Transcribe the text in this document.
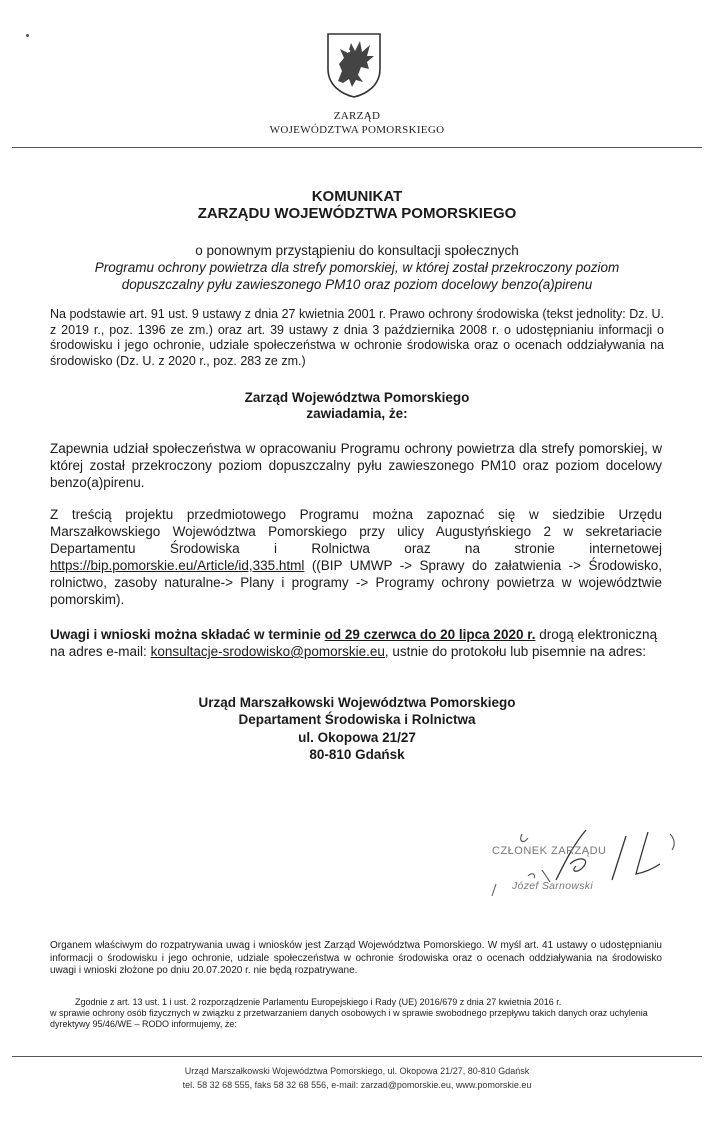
ZARZĄD
WOJEWÓDZTWA POMORSKIEGO
KOMUNIKAT
ZARZĄDU WOJEWÓDZTWA POMORSKIEGO
o ponownym przystąpieniu do konsultacji społecznych
Programu ochrony powietrza dla strefy pomorskiej, w której został przekroczony poziom
dopuszczalny pyłu zawieszonego PM10 oraz poziom docelowy benzo(a)pirenu
Na podstawie art. 91 ust. 9 ustawy z dnia 27 kwietnia 2001 r. Prawo ochrony środowiska (tekst jednolity: Dz. U. z 2019 r., poz. 1396 ze zm.) oraz art. 39 ustawy z dnia 3 października 2008 r. o udostępnianiu informacji o środowisku i jego ochronie, udziale społeczeństwa w ochronie środowiska oraz o ocenach oddziaływania na środowisko (Dz. U. z 2020 r., poz. 283 ze zm.)
Zarząd Województwa Pomorskiego
zawiadamia, że:
Zapewnia udział społeczeństwa w opracowaniu Programu ochrony powietrza dla strefy pomorskiej, w której został przekroczony poziom dopuszczalny pyłu zawieszonego PM10 oraz poziom docelowy benzo(a)pirenu.
Z treścią projektu przedmiotowego Programu można zapoznać się w siedzibie Urzędu Marszałkowskiego Województwa Pomorskiego przy ulicy Augustyńskiego 2 w sekretariacie Departamentu Środowiska i Rolnictwa oraz na stronie internetowej https://bip.pomorskie.eu/Article/id,335.html ((BIP UMWP -> Sprawy do załatwienia -> Środowisko, rolnictwo, zasoby naturalne-> Plany i programy -> Programy ochrony powietrza w województwie pomorskim).
Uwagi i wnioski można składać w terminie od 29 czerwca do 20 lipca 2020 r. drogą elektroniczną na adres e-mail: konsultacje-srodowisko@pomorskie.eu, ustnie do protokołu lub pisemnie na adres:
Urząd Marszałkowski Województwa Pomorskiego
Departament Środowiska i Rolnictwa
ul. Okopowa 21/27
80-810 Gdańsk
CZŁONEK ZARZĄDU
Józef Sarnowski
Organem właściwym do rozpatrywania uwag i wniosków jest Zarząd Województwa Pomorskiego. W myśl art. 41 ustawy o udostępnianiu informacji o środowisku i jego ochronie, udziale społeczeństwa w ochronie środowiska oraz o ocenach oddziaływania na środowisko uwagi i wnioski złożone po dniu 20.07.2020 r. nie będą rozpatrywane.
Zgodnie z art. 13 ust. 1 i ust. 2 rozporządzenie Parlamentu Europejskiego i Rady (UE) 2016/679 z dnia 27 kwietnia 2016 r.
w sprawie ochrony osób fizycznych w związku z przetwarzaniem danych osobowych i w sprawie swobodnego przepływu takich danych oraz uchylenia dyrektywy 95/46/WE – RODO informujemy, że:
Urząd Marszałkowski Województwa Pomorskiego, ul. Okopowa 21/27, 80-810 Gdańsk
tel. 58 32 68 555, faks 58 32 68 556, e-mail: zarzad@pomorskie.eu, www.pomorskie.eu
